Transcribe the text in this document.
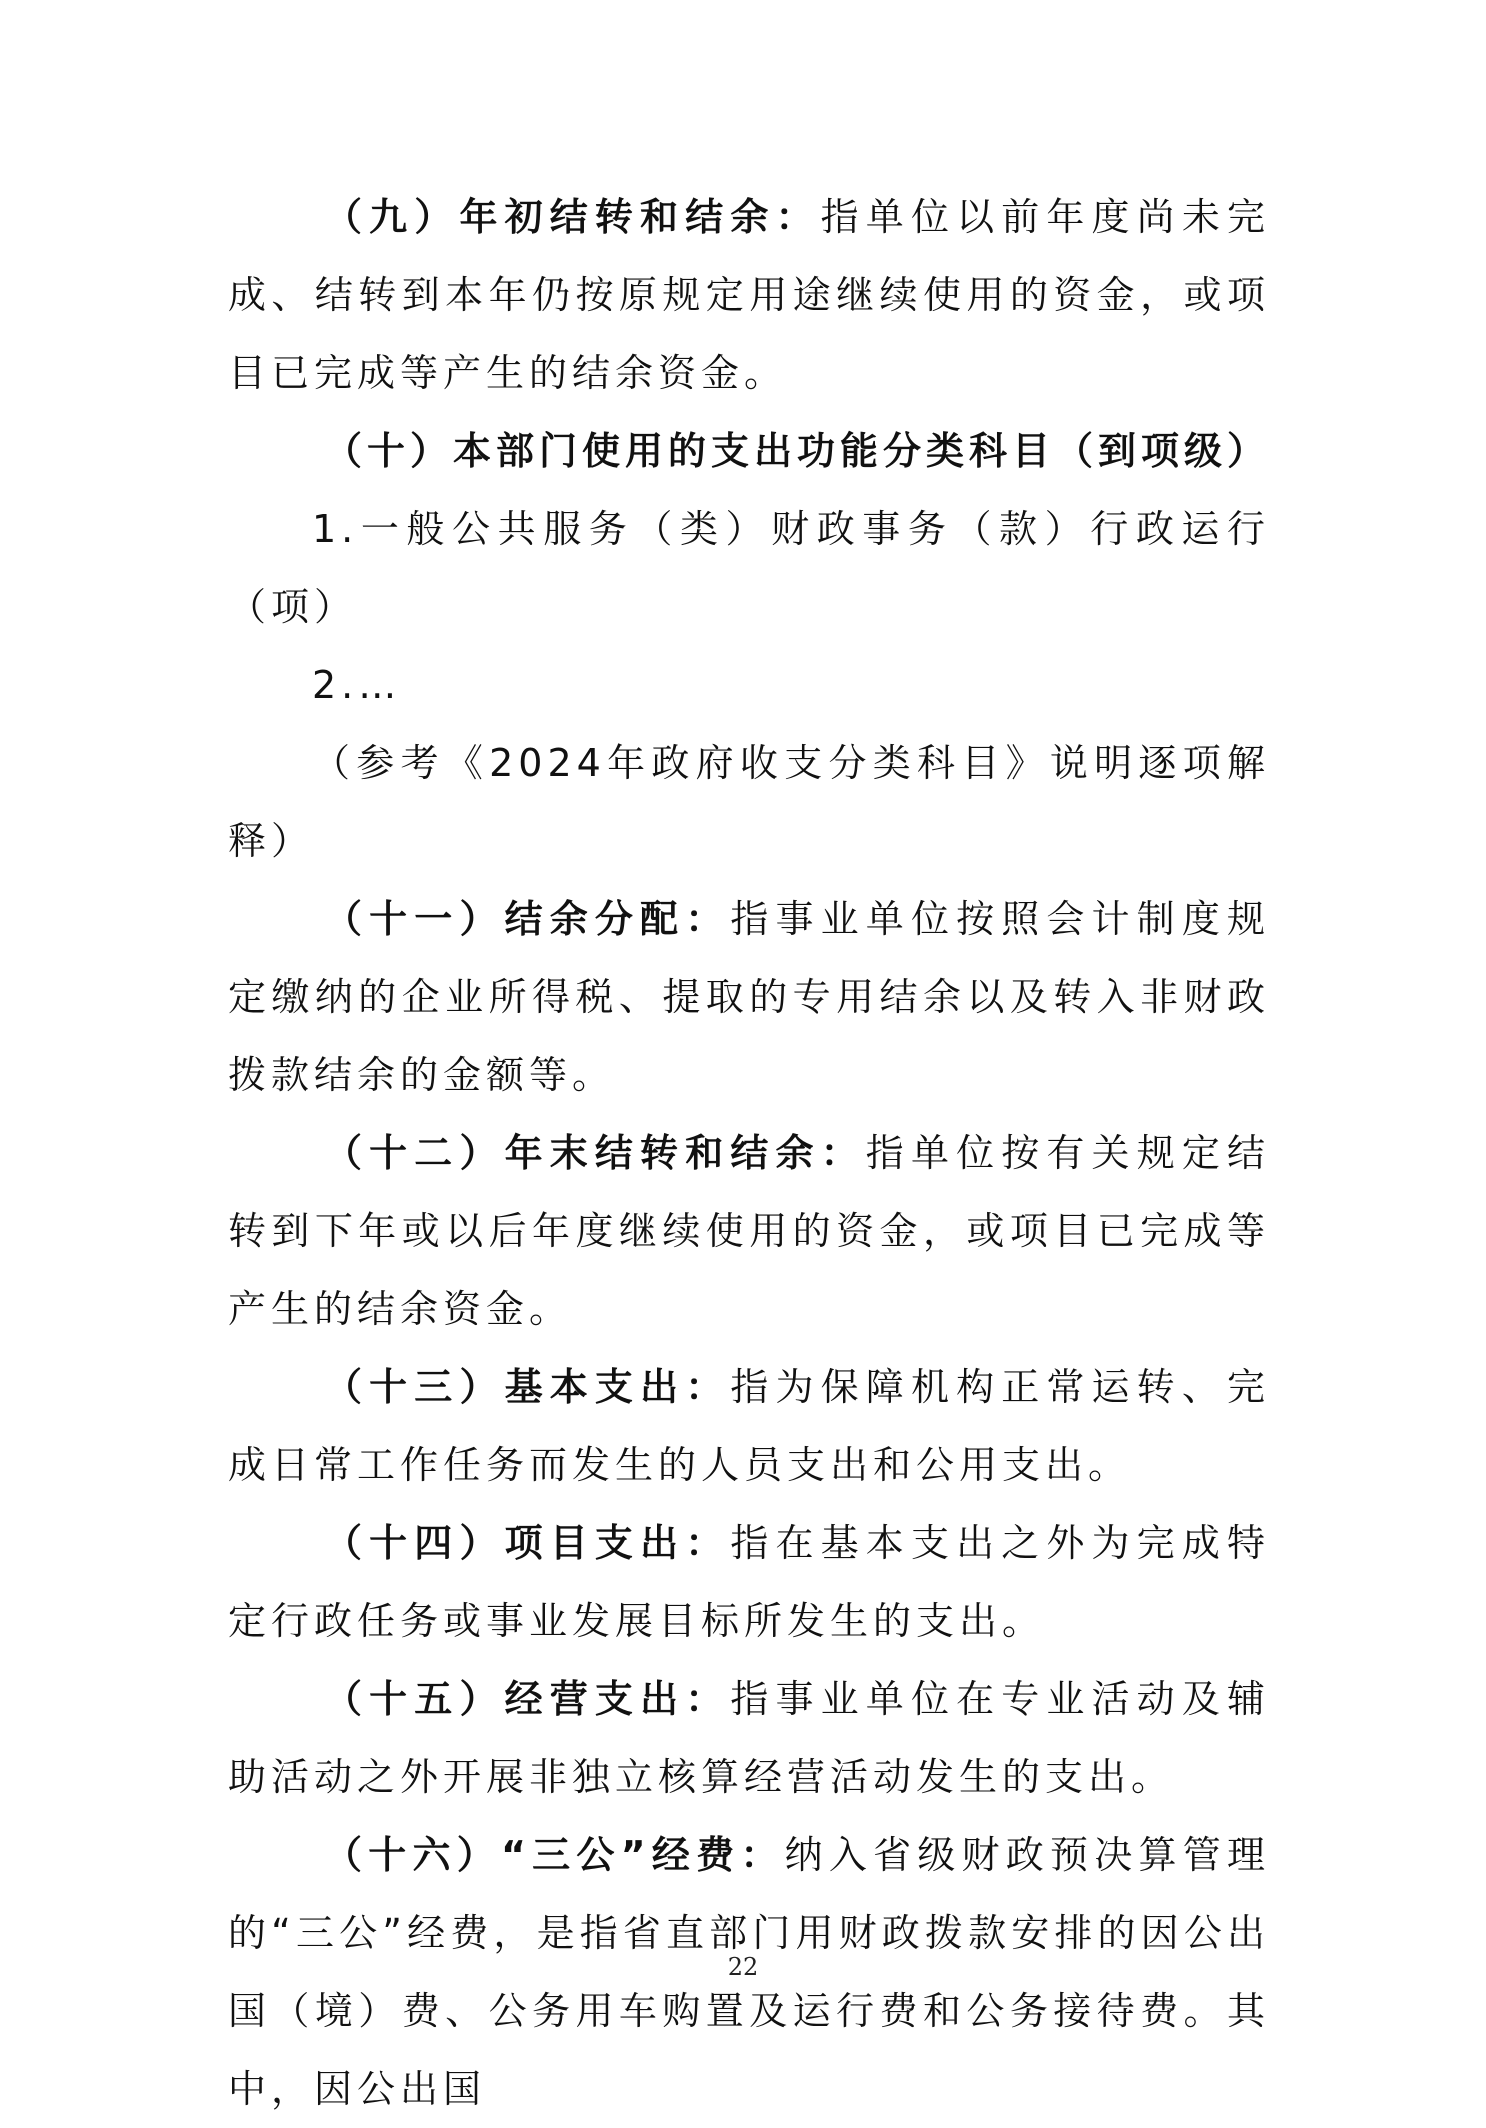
（九）年初结转和结余：指单位以前年度尚未完成、结转到本年仍按原规定用途继续使用的资金，或项目已完成等产生的结余资金。

（十）本部门使用的支出功能分类科目（到项级）

1.一般公共服务（类）财政事务（款）行政运行（项）

2.…

（参考《2024年政府收支分类科目》说明逐项解释）

（十一）结余分配：指事业单位按照会计制度规定缴纳的企业所得税、提取的专用结余以及转入非财政拨款结余的金额等。

（十二）年末结转和结余：指单位按有关规定结转到下年或以后年度继续使用的资金，或项目已完成等产生的结余资金。

（十三）基本支出：指为保障机构正常运转、完成日常工作任务而发生的人员支出和公用支出。

（十四）项目支出：指在基本支出之外为完成特定行政任务或事业发展目标所发生的支出。

（十五）经营支出：指事业单位在专业活动及辅助活动之外开展非独立核算经营活动发生的支出。

（十六）“三公”经费：纳入省级财政预决算管理的“三公”经费，是指省直部门用财政拨款安排的因公出国（境）费、公务用车购置及运行费和公务接待费。其中，因公出国

22
